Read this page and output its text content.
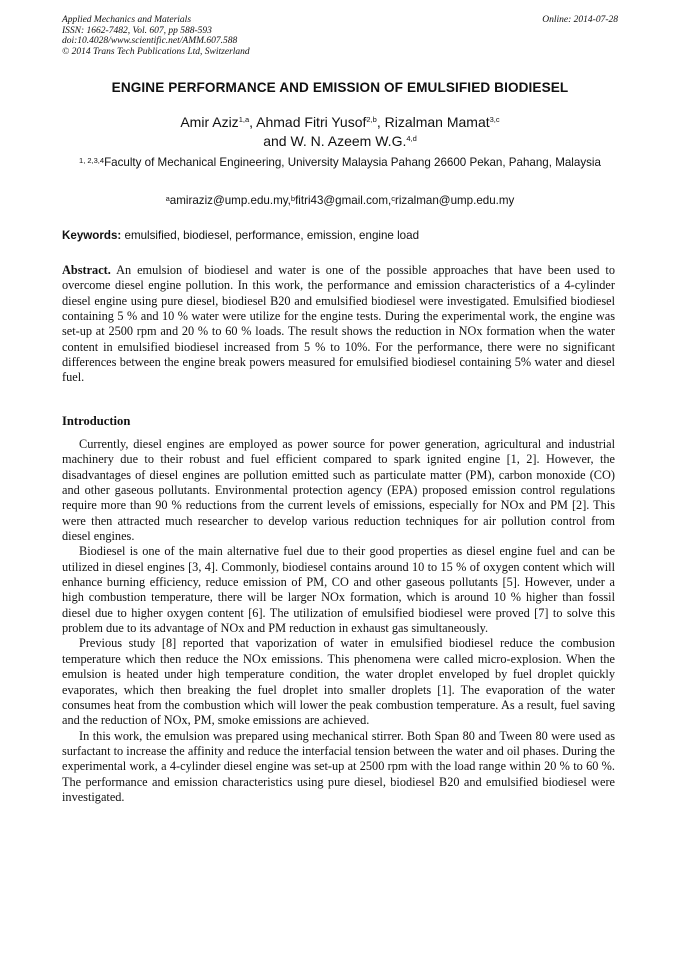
Applied Mechanics and Materials
ISSN: 1662-7482, Vol. 607, pp 588-593
doi:10.4028/www.scientific.net/AMM.607.588
© 2014 Trans Tech Publications Ltd, Switzerland
Online: 2014-07-28
ENGINE PERFORMANCE AND EMISSION OF EMULSIFIED BIODIESEL
Amir Aziz$^{1,a}$, Ahmad Fitri Yusof$^{2,b}$, Rizalman Mamat$^{3,c}$
and W. N. Azeem W.G.$^{4,d}$
$^{1, 2,3,4}$Faculty of Mechanical Engineering, University Malaysia Pahang 26600 Pekan, Pahang, Malaysia
$^a$amiraziz@ump.edu.my,$^b$fitri43@gmail.com,$^c$rizalman@ump.edu.my
Keywords: emulsified, biodiesel, performance, emission, engine load
Abstract. An emulsion of biodiesel and water is one of the possible approaches that have been used to overcome diesel engine pollution. In this work, the performance and emission characteristics of a 4-cylinder diesel engine using pure diesel, biodiesel B20 and emulsified biodiesel were investigated. Emulsified biodiesel containing 5 % and 10 % water were utilize for the engine tests. During the experimental work, the engine was set-up at 2500 rpm and 20 % to 60 % loads. The result shows the reduction in NOx formation when the water content in emulsified biodiesel increased from 5 % to 10%. For the performance, there were no significant differences between the engine break powers measured for emulsified biodiesel containing 5% water and diesel fuel.
Introduction

Currently, diesel engines are employed as power source for power generation, agricultural and industrial machinery due to their robust and fuel efficient compared to spark ignited engine [1, 2]. However, the disadvantages of diesel engines are pollution emitted such as particulate matter (PM), carbon monoxide (CO) and other gaseous pollutants. Environmental protection agency (EPA) proposed emission control regulations require more than 90 % reductions from the current levels of emissions, especially for NOx and PM [2]. This were then attracted much researcher to develop various reduction techniques for air pollution control from diesel engines.

Biodiesel is one of the main alternative fuel due to their good properties as diesel engine fuel and can be utilized in diesel engines [3, 4]. Commonly, biodiesel contains around 10 to 15 % of oxygen content which will enhance burning efficiency, reduce emission of PM, CO and other gaseous pollutants [5]. However, under a high combustion temperature, there will be larger NOx formation, which is around 10 % higher than fossil diesel due to higher oxygen content [6]. The utilization of emulsified biodiesel were proved [7] to solve this problem due to its advantage of NOx and PM reduction in exhaust gas simultaneously.

Previous study [8] reported that vaporization of water in emulsified biodiesel reduce the combusion temperature which then reduce the NOx emissions. This phenomena were called micro-explosion. When the emulsion is heated under high temperature condition, the water droplet enveloped by fuel droplet quickly evaporates, which then breaking the fuel droplet into smaller droplets [1]. The evaporation of the water consumes heat from the combustion which will lower the peak combustion temperature. As a result, fuel saving and the reduction of NOx, PM, smoke emissions are achieved.

In this work, the emulsion was prepared using mechanical stirrer. Both Span 80 and Tween 80 were used as surfactant to increase the affinity and reduce the interfacial tension between the water and oil phases. During the experimental work, a 4-cylinder diesel engine was set-up at 2500 rpm with the load range within 20 % to 60 %. The performance and emission characteristics using pure diesel, biodiesel B20 and emulsified biodiesel were investigated.
